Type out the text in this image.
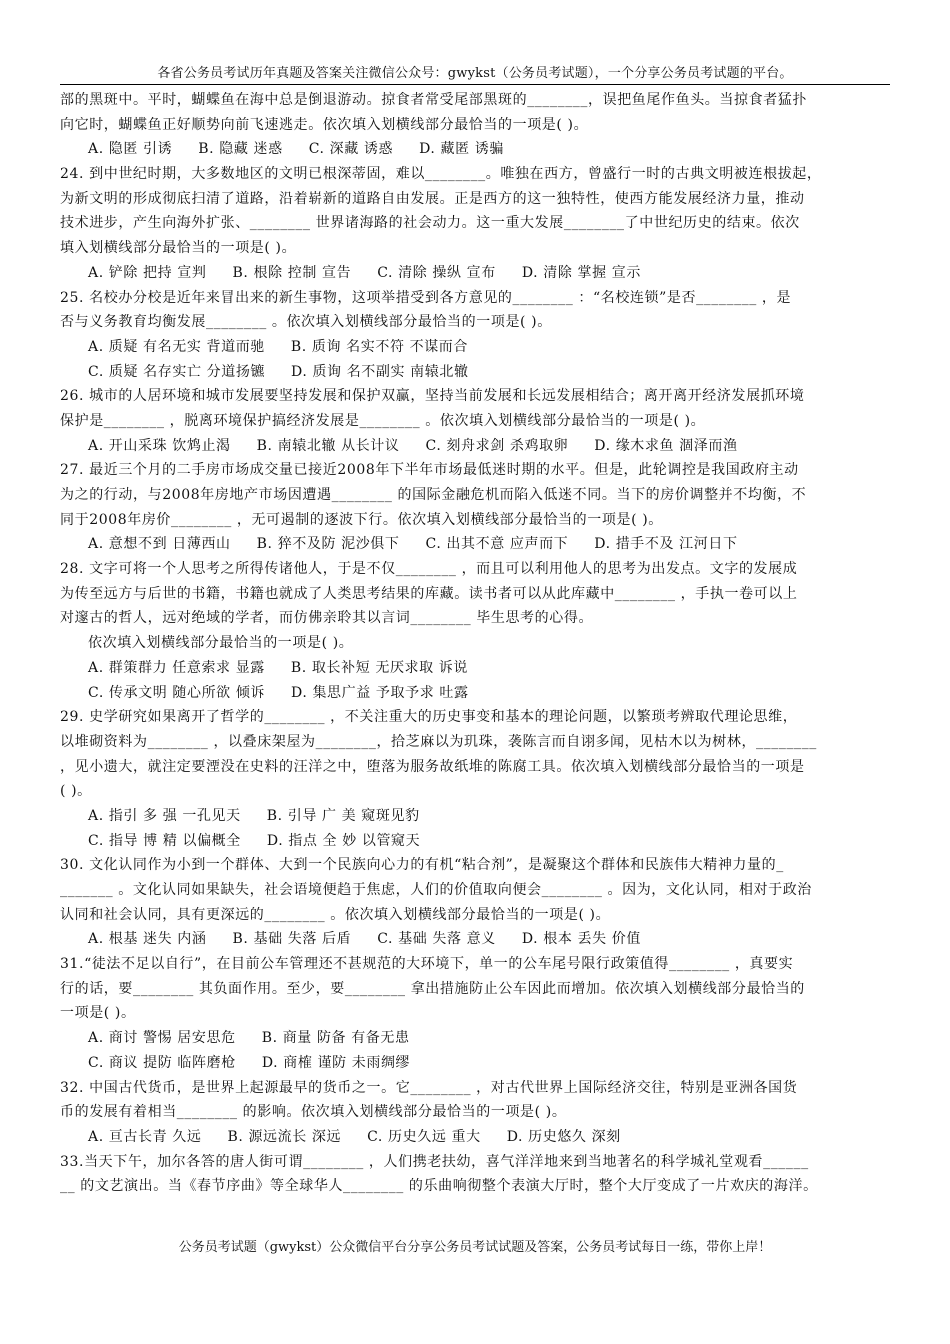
各省公务员考试历年真题及答案关注微信公众号：gwykst（公务员考试题），一个分享公务员考试题的平台。
部的黑斑中。平时，蝴蝶鱼在海中总是倒退游动。掠食者常受尾部黑斑的________，误把鱼尾作鱼头。当掠食者猛扑
向它时，蝴蝶鱼正好顺势向前飞速逃走。依次填入划横线部分最恰当的一项是( )。
A. 隐匿 引诱 B. 隐藏 迷惑 C. 深藏 诱惑 D. 藏匿 诱骗
24. 到中世纪时期，大多数地区的文明已根深蒂固，难以________。唯独在西方，曾盛行一时的古典文明被连根拔起，
为新文明的形成彻底扫清了道路，沿着崭新的道路自由发展。正是西方的这一独特性，使西方能发展经济力量，推动
技术进步，产生向海外扩张、________ 世界诸海路的社会动力。这一重大发展________了中世纪历史的结束。依次
填入划横线部分最恰当的一项是( )。
A. 铲除 把持 宣判 B. 根除 控制 宣告 C. 清除 操纵 宣布 D. 清除 掌握 宣示
25. 名校办分校是近年来冒出来的新生事物，这项举措受到各方意见的________ ：“名校连锁”是否________ ，是
否与义务教育均衡发展________ 。依次填入划横线部分最恰当的一项是( )。
A. 质疑 有名无实 背道而驰 B. 质询 名实不符 不谋而合
C. 质疑 名存实亡 分道扬镳 D. 质询 名不副实 南辕北辙
26. 城市的人居环境和城市发展要坚持发展和保护双赢，坚持当前发展和长远发展相结合；离开离开经济发展抓环境
保护是________ ，脱离环境保护搞经济发展是________ 。依次填入划横线部分最恰当的一项是( )。
A. 开山采珠 饮鸩止渴 B. 南辕北辙 从长计议 C. 刻舟求剑 杀鸡取卵 D. 缘木求鱼 涸泽而渔
27. 最近三个月的二手房市场成交量已接近2008年下半年市场最低迷时期的水平。但是，此轮调控是我国政府主动
为之的行动，与2008年房地产市场因遭遇________ 的国际金融危机而陷入低迷不同。当下的房价调整并不均衡，不
同于2008年房价________ ，无可遏制的逐波下行。依次填入划横线部分最恰当的一项是( )。
A. 意想不到 日薄西山 B. 猝不及防 泥沙俱下 C. 出其不意 应声而下 D. 措手不及 江河日下
28. 文字可将一个人思考之所得传诸他人，于是不仅________ ，而且可以利用他人的思考为出发点。文字的发展成
为传至远方与后世的书籍，书籍也就成了人类思考结果的库藏。读书者可以从此库藏中________ ，手执一卷可以上
对邃古的哲人，远对绝域的学者，而仿佛亲聆其以言词________ 毕生思考的心得。
依次填入划横线部分最恰当的一项是( )。
A. 群策群力 任意索求 显露 B. 取长补短 无厌求取 诉说
C. 传承文明 随心所欲 倾诉 D. 集思广益 予取予求 吐露
29. 史学研究如果离开了哲学的________ ，不关注重大的历史事变和基本的理论问题，以繁琐考辨取代理论思维，
以堆砌资料为________ ，以叠床架屋为________，拾芝麻以为玑珠，袭陈言而自诩多闻，见枯木以为树林，________
，见小遗大，就注定要湮没在史料的汪洋之中，堕落为服务故纸堆的陈腐工具。依次填入划横线部分最恰当的一项是
( )。
A. 指引 多 强 一孔见天 B. 引导 广 美 窥斑见豹
C. 指导 博 精 以偏概全 D. 指点 全 妙 以管窥天
30. 文化认同作为小到一个群体、大到一个民族向心力的有机“粘合剂”，是凝聚这个群体和民族伟大精神力量的_
_______ 。文化认同如果缺失，社会语境便趋于焦虑，人们的价值取向便会________ 。因为，文化认同，相对于政治
认同和社会认同，具有更深远的________ 。依次填入划横线部分最恰当的一项是( )。
A. 根基 迷失 内涵 B. 基础 失落 后盾 C. 基础 失落 意义 D. 根本 丢失 价值
31.“徒法不足以自行”，在目前公车管理还不甚规范的大环境下，单一的公车尾号限行政策值得________ ，真要实
行的话，要________ 其负面作用。至少，要________ 拿出措施防止公车因此而增加。依次填入划横线部分最恰当的
一项是( )。
A. 商讨 警惕 居安思危 B. 商量 防备 有备无患
C. 商议 提防 临阵磨枪 D. 商榷 谨防 未雨绸缪
32. 中国古代货币，是世界上起源最早的货币之一。它________ ，对古代世界上国际经济交往，特别是亚洲各国货
币的发展有着相当________ 的影响。依次填入划横线部分最恰当的一项是( )。
A. 亘古长青 久远 B. 源远流长 深远 C. 历史久远 重大 D. 历史悠久 深刻
33.当天下午，加尔各答的唐人街可谓________ ，人们携老扶幼，喜气洋洋地来到当地著名的科学城礼堂观看______
__ 的文艺演出。当《春节序曲》等全球华人________ 的乐曲响彻整个表演大厅时，整个大厅变成了一片欢庆的海洋。
公务员考试题（gwykst）公众微信平台分享公务员考试试题及答案，公务员考试每日一练，带你上岸！
